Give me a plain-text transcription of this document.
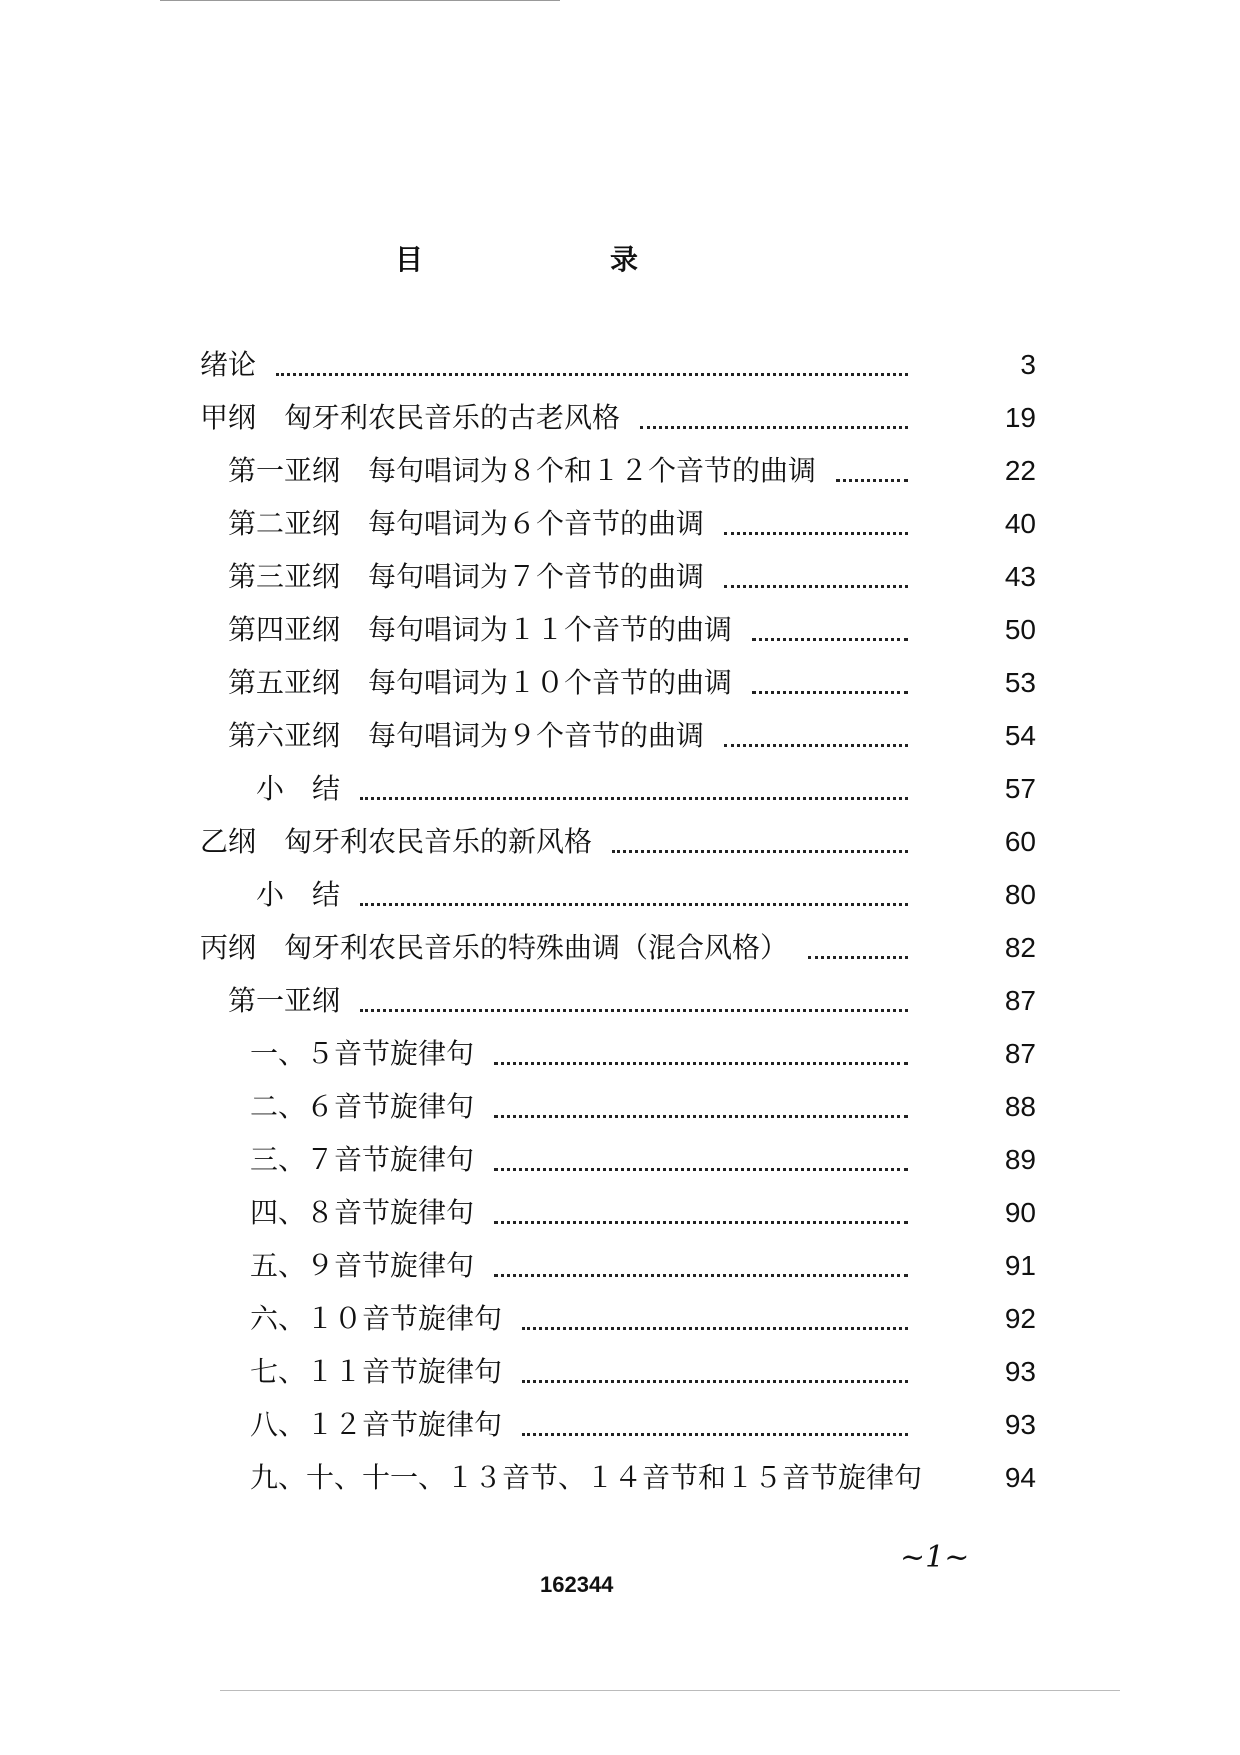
目	录
绪论	3
甲纲　匈牙利农民音乐的古老风格	19
第一亚纲　每句唱词为８个和１２个音节的曲调	22
第二亚纲　每句唱词为６个音节的曲调	40
第三亚纲　每句唱词为７个音节的曲调	43
第四亚纲　每句唱词为１１个音节的曲调	50
第五亚纲　每句唱词为１０个音节的曲调	53
第六亚纲　每句唱词为９个音节的曲调	54
小　结	57
乙纲　匈牙利农民音乐的新风格	60
小　结	80
丙纲　匈牙利农民音乐的特殊曲调（混合风格）	82
第一亚纲	87
一、５音节旋律句	87
二、６音节旋律句	88
三、７音节旋律句	89
四、８音节旋律句	90
五、９音节旋律句	91
六、１０音节旋律句	92
七、１１音节旋律句	93
八、１２音节旋律句	93
九、十、十一、１３音节、１４音节和１５音节旋律句	94
~1~
162344
